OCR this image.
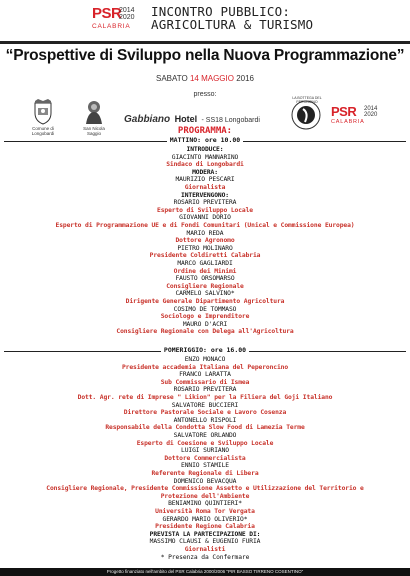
PSR
2014
2020
CALABRIA
INCONTRO PUBBLICO:
AGRICOLTURA & TURISMO
“Prospettive di Sviluppo nella Nuova Programmazione”
SABATO 14 MAGGIO 2016
presso:
Comune di Longobardi
San Nicola Saggio
Gabbiano Hotel - SS18 Longobardi
LA BOTTEGA DEL PERONCINO
PSR 2014
2020
CALABRIA
PROGRAMMA:
MATTINO: ore 10.00
INTRODUCE:
GIACINTO MANNARINO
Sindaco di Longobardi
MODERA:
MAURIZIO PESCARI
Giornalista
INTERVENGONO:
ROSARIO PREVITERA
Esperto di Sviluppo Locale
GIOVANNI DORIO
Esperto di Programmazione UE e di Fondi Comunitari (Unical e Commissione Europea)
MARIO REDA
Dottore Agronomo
PIETRO MOLINARO
Presidente Coldiretti Calabria
MARCO GAGLIARDI
Ordine dei Minimi
FAUSTO ORSOMARSO
Consigliere Regionale
CARMELO SALVINO*
Dirigente Generale Dipartimento Agricoltura
COSIMO DE TOMMASO
Sociologo e Imprenditore
MAURO D'ACRI
Consigliere Regionale con Delega all'Agricoltura
POMERIGGIO: ore 16.00
ENZO MONACO
Presidente accademia Italiana del Peperoncino
FRANCO LARATTA
Sub Commissario di Ismea
ROSARIO PREVITERA
Dott. Agr. rete di Imprese " Likion" per la Filiera del Goji Italiano
SALVATORE BUCCIERI
Direttore Pastorale Sociale e Lavoro Cosenza
ANTONELLO RISPOLI
Responsabile della Condotta Slow Food di Lamezia Terme
SALVATORE ORLANDO
Esperto di Coesione e Sviluppo Locale
LUIGI SURIANO
Dottore Commercialista
ENNIO STAMILE
Referente Regionale di Libera
DOMENICO BEVACQUA
Consigliere Regionale, Presidente Commissione Assetto e Utilizzazione del Territorio e
Protezione dell'Ambiente
BENIAMINO QUINTIERI*
Università Roma Tor Vergata
GERARDO MARIO OLIVERIO*
Presidente Regione Calabria
PREVISTA LA PARTECIPAZIONE DI:
MASSIMO CLAUSI & EUGENIO FURIA
Giornalisti
* Presenza da Confermare
Progetto finanziato nell'ambito del PSR Calabria 2000/2006 "PIR BASSO TIRRENO COSENTINO"
